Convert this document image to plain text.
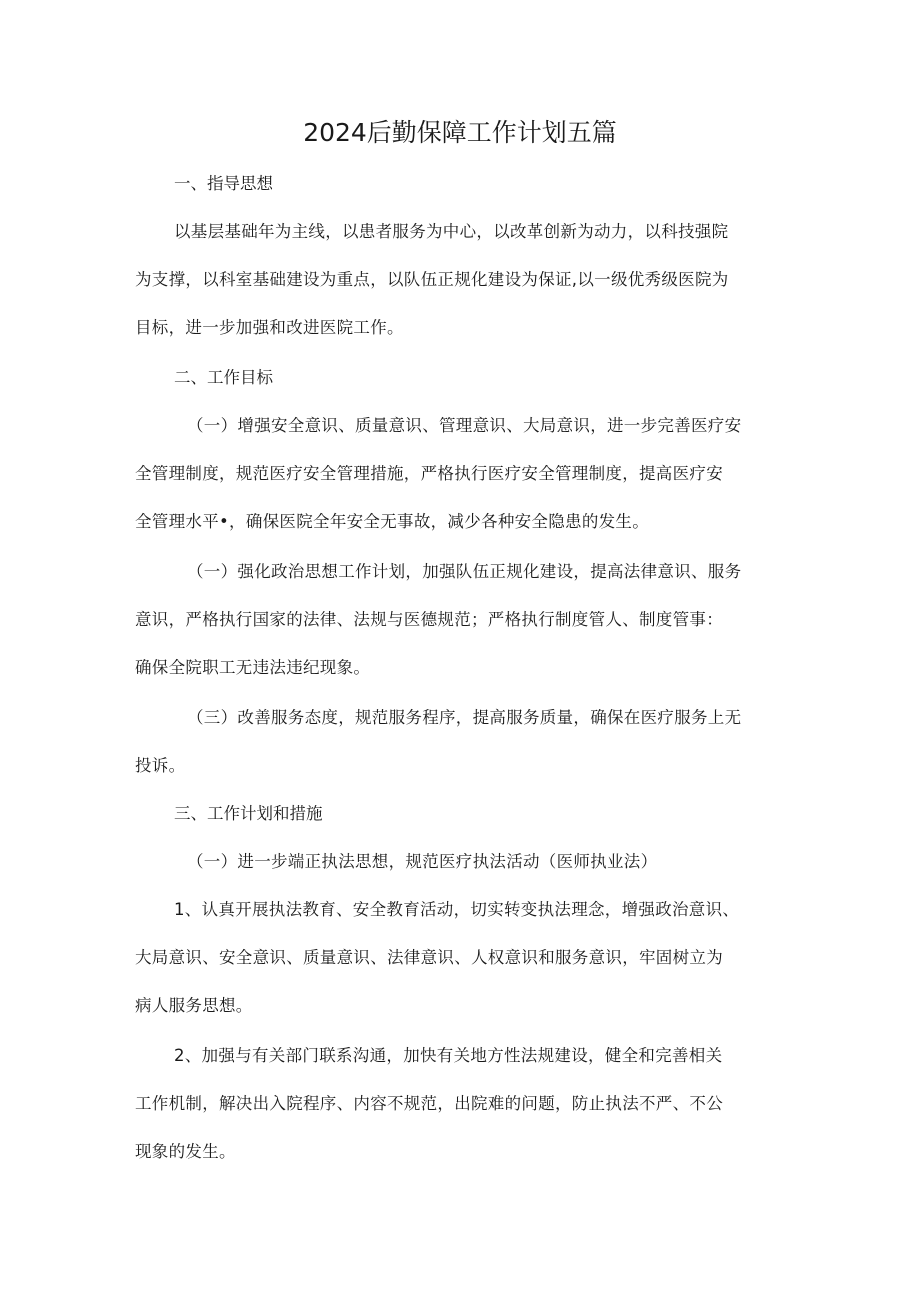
2024后勤保障工作计划五篇

一、指导思想

以基层基础年为主线，以患者服务为中心，以改革创新为动力，以科技强院
为支撑，以科室基础建设为重点，以队伍正规化建设为保证,以一级优秀级医院为
目标，进一步加强和改进医院工作。

二、工作目标

（一）增强安全意识、质量意识、管理意识、大局意识，进一步完善医疗安
全管理制度，规范医疗安全管理措施，严格执行医疗安全管理制度，提高医疗安
全管理水平•，确保医院全年安全无事故，减少各种安全隐患的发生。

（一）强化政治思想工作计划，加强队伍正规化建设，提高法律意识、服务
意识，严格执行国家的法律、法规与医德规范；严格执行制度管人、制度管事：
确保全院职工无违法违纪现象。

（三）改善服务态度，规范服务程序，提高服务质量，确保在医疗服务上无
投诉。

三、工作计划和措施

（一）进一步端正执法思想，规范医疗执法活动（医师执业法）

1、认真开展执法教育、安全教育活动，切实转变执法理念，增强政治意识、
大局意识、安全意识、质量意识、法律意识、人权意识和服务意识，牢固树立为
病人服务思想。

2、加强与有关部门联系沟通，加快有关地方性法规建设，健全和完善相关
工作机制，解决出入院程序、内容不规范，出院难的问题，防止执法不严、不公
现象的发生。
